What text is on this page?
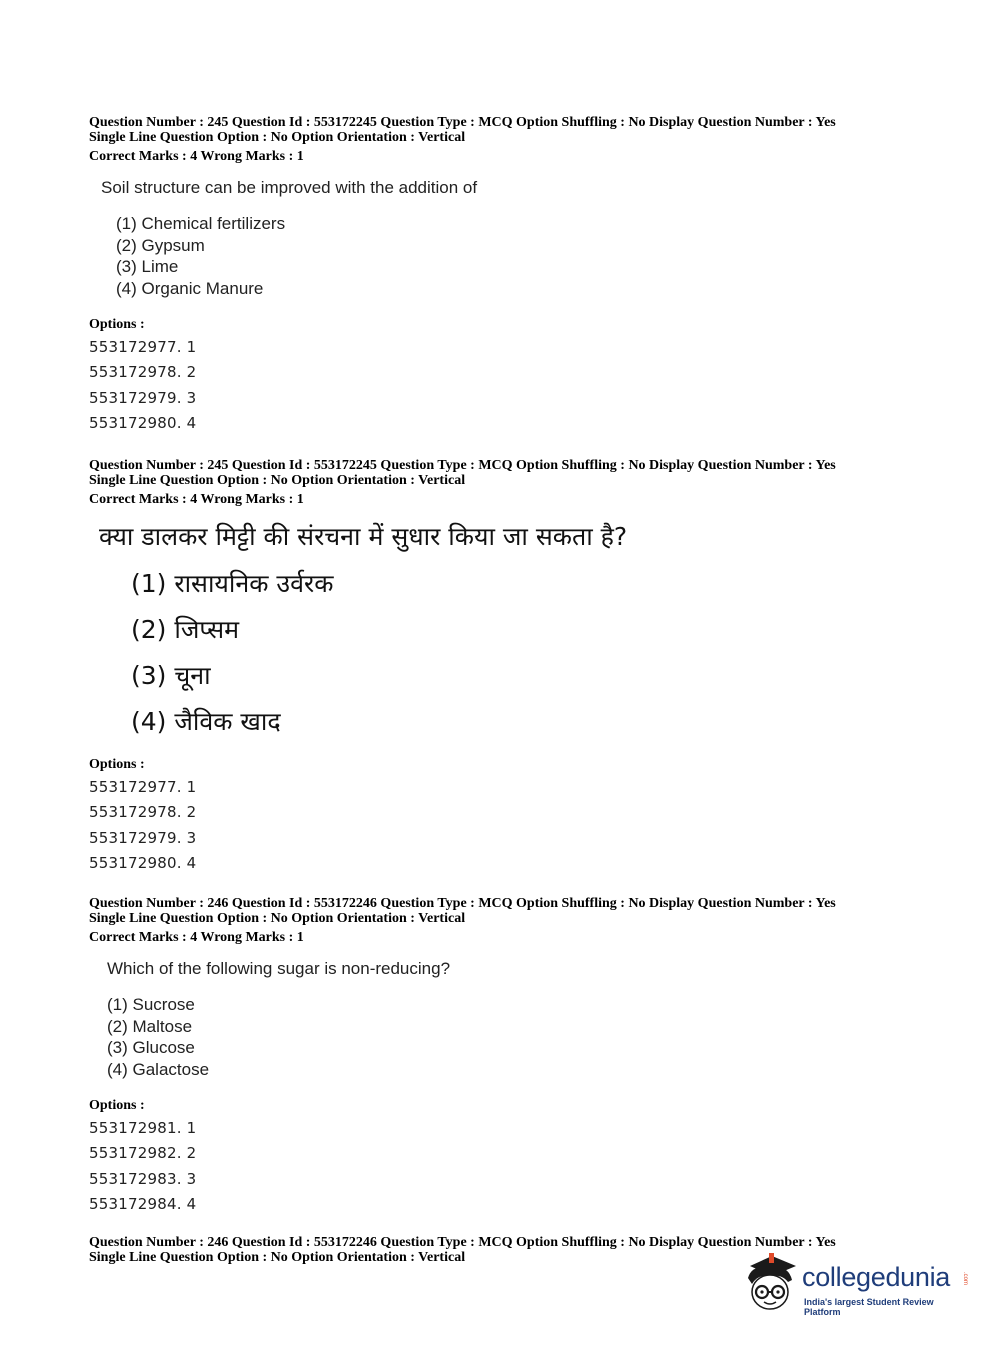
Question Number : 245 Question Id : 553172245 Question Type : MCQ Option Shuffling : No Display Question Number : Yes
Single Line Question Option : No Option Orientation : Vertical
Correct Marks : 4 Wrong Marks : 1
Soil structure can be improved with the addition of
(1) Chemical fertilizers
(2) Gypsum
(3) Lime
(4) Organic Manure
Options :
553172977. 1
553172978. 2
553172979. 3
553172980. 4
Question Number : 245 Question Id : 553172245 Question Type : MCQ Option Shuffling : No Display Question Number : Yes
Single Line Question Option : No Option Orientation : Vertical
Correct Marks : 4 Wrong Marks : 1
क्या डालकर मिट्टी की संरचना में सुधार किया जा सकता है?
(1) रासायनिक उर्वरक
(2) जिप्सम
(3) चूना
(4) जैविक खाद
Options :
553172977. 1
553172978. 2
553172979. 3
553172980. 4
Question Number : 246 Question Id : 553172246 Question Type : MCQ Option Shuffling : No Display Question Number : Yes
Single Line Question Option : No Option Orientation : Vertical
Correct Marks : 4 Wrong Marks : 1
Which of the following sugar is non-reducing?
(1) Sucrose
(2) Maltose
(3) Glucose
(4) Galactose
Options :
553172981. 1
553172982. 2
553172983. 3
553172984. 4
Question Number : 246 Question Id : 553172246 Question Type : MCQ Option Shuffling : No Display Question Number : Yes
Single Line Question Option : No Option Orientation : Vertical
collegedunia .com
India's largest Student Review Platform
